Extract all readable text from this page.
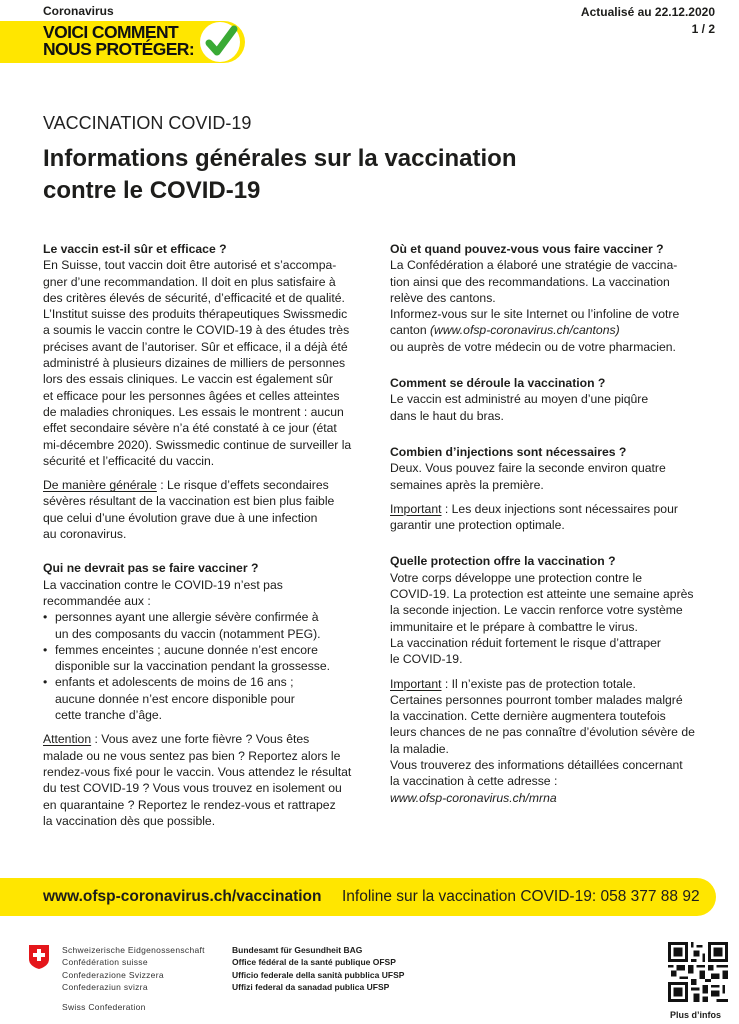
Coronavirus	Actualisé au 22.12.2020
1 / 2
VOICI COMMENT
NOUS PROTÉGER:
VACCINATION COVID-19
Informations générales sur la vaccination
contre le COVID-19
Le vaccin est-il sûr et efficace ?
En Suisse, tout vaccin doit être autorisé et s’accompa-
gner d’une recommandation. Il doit en plus satisfaire à
des critères élevés de sécurité, d’efficacité et de qualité.
L’Institut suisse des produits thérapeutiques Swissmedic
a soumis le vaccin contre le COVID-19 à des études très
précises avant de l’autoriser. Sûr et efficace, il a déjà été
administré à plusieurs dizaines de milliers de personnes
lors des essais cliniques. Le vaccin est également sûr
et efficace pour les personnes âgées et celles atteintes
de maladies chroniques. Les essais le montrent : aucun
effet secondaire sévère n’a été constaté à ce jour (état
mi-décembre 2020). Swissmedic continue de surveiller la
sécurité et l’efficacité du vaccin.
De manière générale : Le risque d’effets secondaires
sévères résultant de la vaccination est bien plus faible
que celui d’une évolution grave due à une infection
au coronavirus.
Qui ne devrait pas se faire vacciner ?
La vaccination contre le COVID-19 n’est pas
recommandée aux :
• personnes ayant une allergie sévère confirmée à
un des composants du vaccin (notamment PEG).
• femmes enceintes ; aucune donnée n’est encore
disponible sur la vaccination pendant la grossesse.
• enfants et adolescents de moins de 16 ans ;
aucune donnée n’est encore disponible pour
cette tranche d’âge.
Attention : Vous avez une forte fièvre ? Vous êtes
malade ou ne vous sentez pas bien ? Reportez alors le
rendez-vous fixé pour le vaccin. Vous attendez le résultat
du test COVID-19 ? Vous vous trouvez en isolement ou
en quarantaine ? Reportez le rendez-vous et rattrapez
la vaccination dès que possible.
Où et quand pouvez-vous vous faire vacciner ?
La Confédération a élaboré une stratégie de vaccina-
tion ainsi que des recommandations. La vaccination
relève des cantons.
Informez-vous sur le site Internet ou l’infoline de votre
canton (www.ofsp-coronavirus.ch/cantons)
ou auprès de votre médecin ou de votre pharmacien.
Comment se déroule la vaccination ?
Le vaccin est administré au moyen d’une piqûre
dans le haut du bras.
Combien d’injections sont nécessaires ?
Deux. Vous pouvez faire la seconde environ quatre
semaines après la première.
Important : Les deux injections sont nécessaires pour
garantir une protection optimale.
Quelle protection offre la vaccination ?
Votre corps développe une protection contre le
COVID-19. La protection est atteinte une semaine après
la seconde injection. Le vaccin renforce votre système
immunitaire et le prépare à combattre le virus.
La vaccination réduit fortement le risque d’attraper
le COVID-19.
Important : Il n’existe pas de protection totale.
Certaines personnes pourront tomber malades malgré
la vaccination. Cette dernière augmentera toutefois
leurs chances de ne pas connaître d’évolution sévère de
la maladie.
Vous trouverez des informations détaillées concernant
la vaccination à cette adresse :
www.ofsp-coronavirus.ch/mrna
www.ofsp-coronavirus.ch/vaccination Infoline sur la vaccination COVID-19: 058 377 88 92
Schweizerische Eidgenossenschaft
Confédération suisse
Confederazione Svizzera
Confederaziun svizra
Swiss Confederation
Bundesamt für Gesundheit BAG
Office fédéral de la santé publique OFSP
Ufficio federale della sanità pubblica UFSP
Uffizi federal da sanadad publica UFSP
Plus d’infos
